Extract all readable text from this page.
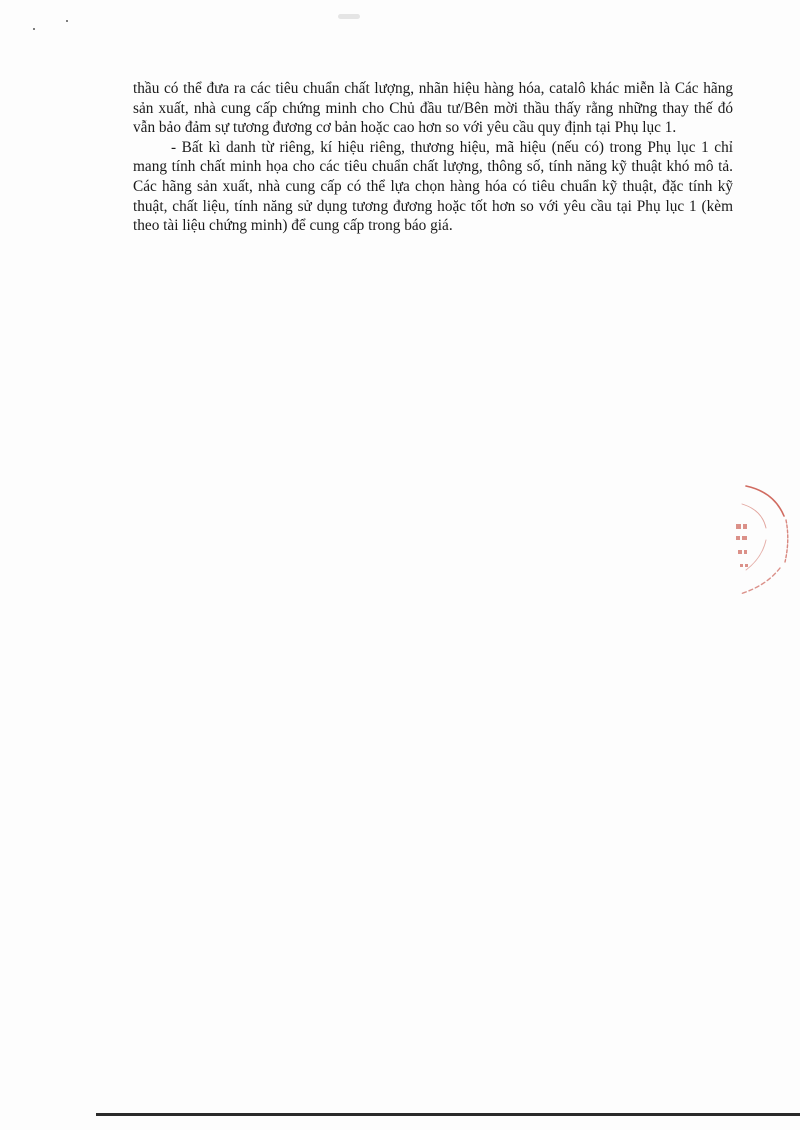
thầu có thể đưa ra các tiêu chuẩn chất lượng, nhãn hiệu hàng hóa, catalô khác miễn là Các hãng sản xuất, nhà cung cấp chứng minh cho Chủ đầu tư/Bên mời thầu thấy rằng những thay thế đó vẫn bảo đảm sự tương đương cơ bản hoặc cao hơn so với yêu cầu quy định tại Phụ lục 1.

- Bất kì danh từ riêng, kí hiệu riêng, thương hiệu, mã hiệu (nếu có) trong Phụ lục 1 chỉ mang tính chất minh họa cho các tiêu chuẩn chất lượng, thông số, tính năng kỹ thuật khó mô tả. Các hãng sản xuất, nhà cung cấp có thể lựa chọn hàng hóa có tiêu chuẩn kỹ thuật, đặc tính kỹ thuật, chất liệu, tính năng sử dụng tương đương hoặc tốt hơn so với yêu cầu tại Phụ lục 1 (kèm theo tài liệu chứng minh) để cung cấp trong báo giá.
